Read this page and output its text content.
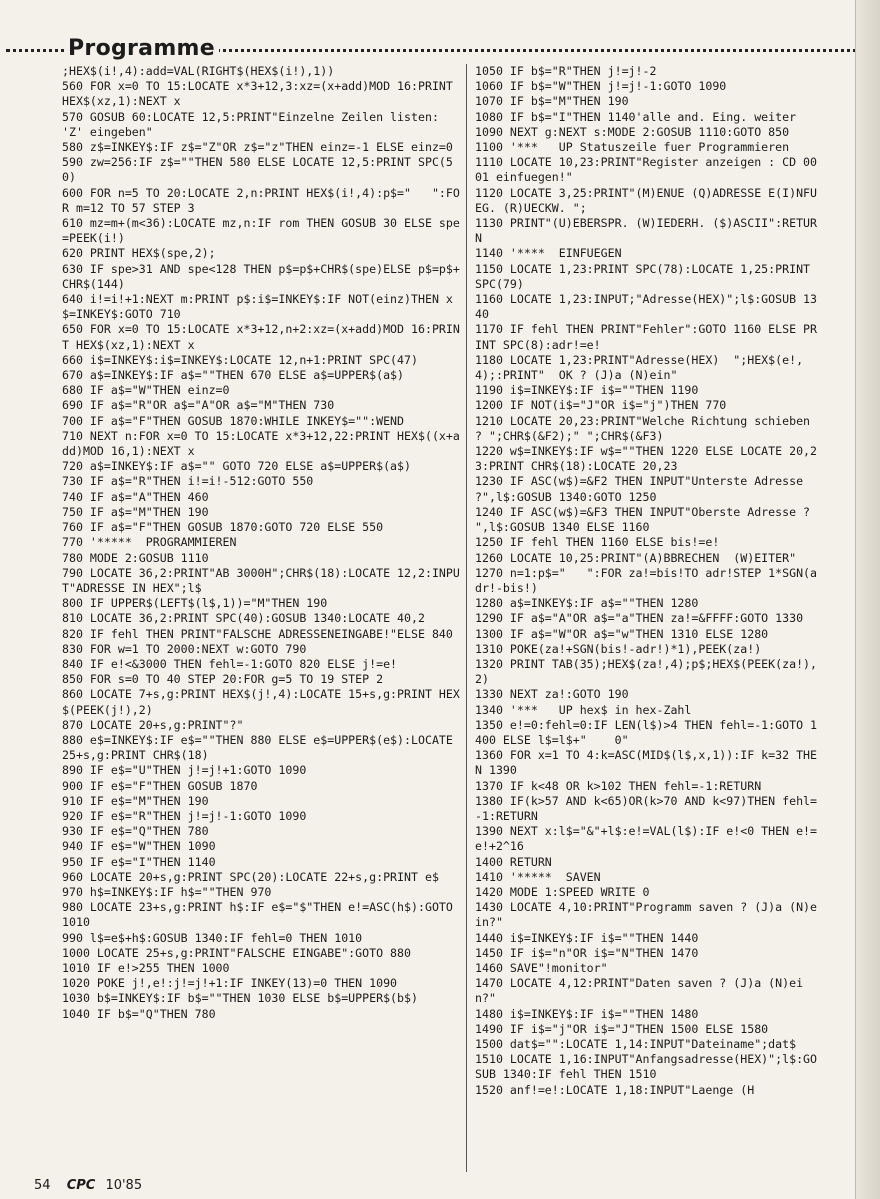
Programme
;HEX$(i!,4):add=VAL(RIGHT$(HEX$(i!),1))
560 FOR x=0 TO 15:LOCATE x*3+12,3:xz=(x+add)MOD 16:PRINT HEX$(xz,1):NEXT x
570 GOSUB 60:LOCATE 12,5:PRINT"Einzelne Zeilen listen: 'Z' eingeben"
580 z$=INKEY$:IF z$="Z"OR z$="z"THEN einz=-1 ELSE einz=0
590 zw=256:IF z$=""THEN 580 ELSE LOCATE 12,5:PRINT SPC(50)
600 FOR n=5 TO 20:LOCATE 2,n:PRINT HEX$(i!,4):p$="   ":FOR m=12 TO 57 STEP 3
610 mz=m+(m<36):LOCATE mz,n:IF rom THEN GOSUB 30 ELSE spe=PEEK(i!)
620 PRINT HEX$(spe,2);
630 IF spe>31 AND spe<128 THEN p$=p$+CHR$(spe)ELSE p$=p$+CHR$(144)
640 i!=i!+1:NEXT m:PRINT p$:i$=INKEY$:IF NOT(einz)THEN x$=INKEY$:GOTO 710
650 FOR x=0 TO 15:LOCATE x*3+12,n+2:xz=(x+add)MOD 16:PRINT HEX$(xz,1):NEXT x
660 i$=INKEY$:i$=INKEY$:LOCATE 12,n+1:PRINT SPC(47)
670 a$=INKEY$:IF a$=""THEN 670 ELSE a$=UPPER$(a$)
680 IF a$="W"THEN einz=0
690 IF a$="R"OR a$="A"OR a$="M"THEN 730
700 IF a$="F"THEN GOSUB 1870:WHILE INKEY$="":WEND
710 NEXT n:FOR x=0 TO 15:LOCATE x*3+12,22:PRINT HEX$((x+add)MOD 16,1):NEXT x
720 a$=INKEY$:IF a$="" GOTO 720 ELSE a$=UPPER$(a$)
730 IF a$="R"THEN i!=i!-512:GOTO 550
740 IF a$="A"THEN 460
750 IF a$="M"THEN 190
760 IF a$="F"THEN GOSUB 1870:GOTO 720 ELSE 550
770 '*****  PROGRAMMIEREN
780 MODE 2:GOSUB 1110
790 LOCATE 36,2:PRINT"AB 3000H";CHR$(18):LOCATE 12,2:INPUT"ADRESSE IN HEX";l$
800 IF UPPER$(LEFT$(l$,1))="M"THEN 190
810 LOCATE 36,2:PRINT SPC(40):GOSUB 1340:LOCATE 40,2
820 IF fehl THEN PRINT"FALSCHE ADRESSENEINGABE!"ELSE 840
830 FOR w=1 TO 2000:NEXT w:GOTO 790
840 IF e!<&3000 THEN fehl=-1:GOTO 820 ELSE j!=e!
850 FOR s=0 TO 40 STEP 20:FOR g=5 TO 19 STEP 2
860 LOCATE 7+s,g:PRINT HEX$(j!,4):LOCATE 15+s,g:PRINT HEX$(PEEK(j!),2)
870 LOCATE 20+s,g:PRINT"?"
880 e$=INKEY$:IF e$=""THEN 880 ELSE e$=UPPER$(e$):LOCATE 25+s,g:PRINT CHR$(18)
890 IF e$="U"THEN j!=j!+1:GOTO 1090
900 IF e$="F"THEN GOSUB 1870
910 IF e$="M"THEN 190
920 IF e$="R"THEN j!=j!-1:GOTO 1090
930 IF e$="Q"THEN 780
940 IF e$="W"THEN 1090
950 IF e$="I"THEN 1140
960 LOCATE 20+s,g:PRINT SPC(20):LOCATE 22+s,g:PRINT e$
970 h$=INKEY$:IF h$=""THEN 970
980 LOCATE 23+s,g:PRINT h$:IF e$="$"THEN e!=ASC(h$):GOTO 1010
990 l$=e$+h$:GOSUB 1340:IF fehl=0 THEN 1010
1000 LOCATE 25+s,g:PRINT"FALSCHE EINGABE":GOTO 880
1010 IF e!>255 THEN 1000
1020 POKE j!,e!:j!=j!+1:IF INKEY(13)=0 THEN 1090
1030 b$=INKEY$:IF b$=""THEN 1030 ELSE b$=UPPER$(b$)
1040 IF b$="Q"THEN 780
1050 IF b$="R"THEN j!=j!-2
1060 IF b$="W"THEN j!=j!-1:GOTO 1090
1070 IF b$="M"THEN 190
1080 IF b$="I"THEN 1140'alle and. Eing. weiter
1090 NEXT g:NEXT s:MODE 2:GOSUB 1110:GOTO 850
1100 '***   UP Statuszeile fuer Programmieren
1110 LOCATE 10,23:PRINT"Register anzeigen : CD 00 01 einfuegen!"
1120 LOCATE 3,25:PRINT"(M)ENUE (Q)ADRESSE E(I)NFUEG. (R)UECKW. ";
1130 PRINT"(U)EBERSPR. (W)IEDERH. ($)ASCII":RETURN
1140 '****  EINFUEGEN
1150 LOCATE 1,23:PRINT SPC(78):LOCATE 1,25:PRINT SPC(79)
1160 LOCATE 1,23:INPUT;"Adresse(HEX)";l$:GOSUB 1340
1170 IF fehl THEN PRINT"Fehler":GOTO 1160 ELSE PRINT SPC(8):adr!=e!
1180 LOCATE 1,23:PRINT"Adresse(HEX)  ";HEX$(e!,4);:PRINT"  OK ? (J)a (N)ein"
1190 i$=INKEY$:IF i$=""THEN 1190
1200 IF NOT(i$="J"OR i$="j")THEN 770
1210 LOCATE 20,23:PRINT"Welche Richtung schieben ? ";CHR$(&F2);" ";CHR$(&F3)
1220 w$=INKEY$:IF w$=""THEN 1220 ELSE LOCATE 20,23:PRINT CHR$(18):LOCATE 20,23
1230 IF ASC(w$)=&F2 THEN INPUT"Unterste Adresse ?",l$:GOSUB 1340:GOTO 1250
1240 IF ASC(w$)=&F3 THEN INPUT"Oberste Adresse ? ",l$:GOSUB 1340 ELSE 1160
1250 IF fehl THEN 1160 ELSE bis!=e!
1260 LOCATE 10,25:PRINT"(A)BBRECHEN  (W)EITER"
1270 n=1:p$="   ":FOR za!=bis!TO adr!STEP 1*SGN(adr!-bis!)
1280 a$=INKEY$:IF a$=""THEN 1280
1290 IF a$="A"OR a$="a"THEN za!=&FFFF:GOTO 1330
1300 IF a$="W"OR a$="w"THEN 1310 ELSE 1280
1310 POKE(za!+SGN(bis!-adr!)*1),PEEK(za!)
1320 PRINT TAB(35);HEX$(za!,4);p$;HEX$(PEEK(za!),2)
1330 NEXT za!:GOTO 190
1340 '***   UP hex$ in hex-Zahl
1350 e!=0:fehl=0:IF LEN(l$)>4 THEN fehl=-1:GOTO 1400 ELSE l$=l$+"    0"
1360 FOR x=1 TO 4:k=ASC(MID$(l$,x,1)):IF k=32 THEN 1390
1370 IF k<48 OR k>102 THEN fehl=-1:RETURN
1380 IF(k>57 AND k<65)OR(k>70 AND k<97)THEN fehl=-1:RETURN
1390 NEXT x:l$="&"+l$:e!=VAL(l$):IF e!<0 THEN e!=e!+2^16
1400 RETURN
1410 '*****  SAVEN
1420 MODE 1:SPEED WRITE 0
1430 LOCATE 4,10:PRINT"Programm saven ? (J)a (N)ein?"
1440 i$=INKEY$:IF i$=""THEN 1440
1450 IF i$="n"OR i$="N"THEN 1470
1460 SAVE"!monitor"
1470 LOCATE 4,12:PRINT"Daten saven ? (J)a (N)ein?"
1480 i$=INKEY$:IF i$=""THEN 1480
1490 IF i$="j"OR i$="J"THEN 1500 ELSE 1580
1500 dat$="":LOCATE 1,14:INPUT"Dateiname";dat$
1510 LOCATE 1,16:INPUT"Anfangsadresse(HEX)";l$:GOSUB 1340:IF fehl THEN 1510
1520 anf!=e!:LOCATE 1,18:INPUT"Laenge (H
54 CPC 10'85
